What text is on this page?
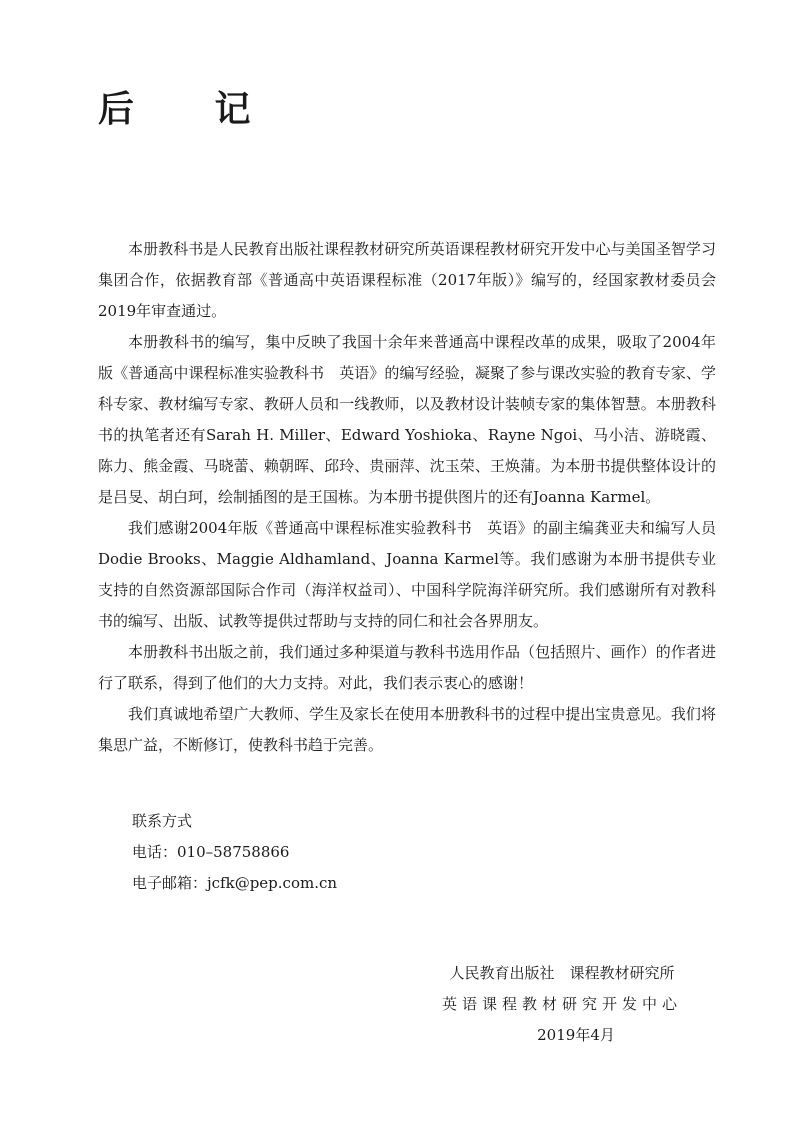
后 记

本册教科书是人民教育出版社课程教材研究所英语课程教材研究开发中心与美国圣智学习集团合作，依据教育部《普通高中英语课程标准（2017年版）》编写的，经国家教材委员会2019年审查通过。

本册教科书的编写，集中反映了我国十余年来普通高中课程改革的成果，吸取了2004年版《普通高中课程标准实验教科书　英语》的编写经验，凝聚了参与课改实验的教育专家、学科专家、教材编写专家、教研人员和一线教师，以及教材设计装帧专家的集体智慧。本册教科书的执笔者还有Sarah H. Miller、Edward Yoshioka、Rayne Ngoi、马小洁、游晓霞、陈力、熊金霞、马晓蕾、赖朝晖、邱玲、贵丽萍、沈玉荣、王焕蒲。为本册书提供整体设计的是吕旻、胡白珂，绘制插图的是王国栋。为本册书提供图片的还有Joanna Karmel。

我们感谢2004年版《普通高中课程标准实验教科书　英语》的副主编龚亚夫和编写人员Dodie Brooks、Maggie Aldhamland、Joanna Karmel等。我们感谢为本册书提供专业支持的自然资源部国际合作司（海洋权益司）、中国科学院海洋研究所。我们感谢所有对教科书的编写、出版、试教等提供过帮助与支持的同仁和社会各界朋友。

本册教科书出版之前，我们通过多种渠道与教科书选用作品（包括照片、画作）的作者进行了联系，得到了他们的大力支持。对此，我们表示衷心的感谢！

我们真诚地希望广大教师、学生及家长在使用本册教科书的过程中提出宝贵意见。我们将集思广益，不断修订，使教科书趋于完善。

联系方式
电话：010–58758866
电子邮箱：jcfk@pep.com.cn
人民教育出版社　课程教材研究所
英语课程教材研究开发中心
2019年4月
